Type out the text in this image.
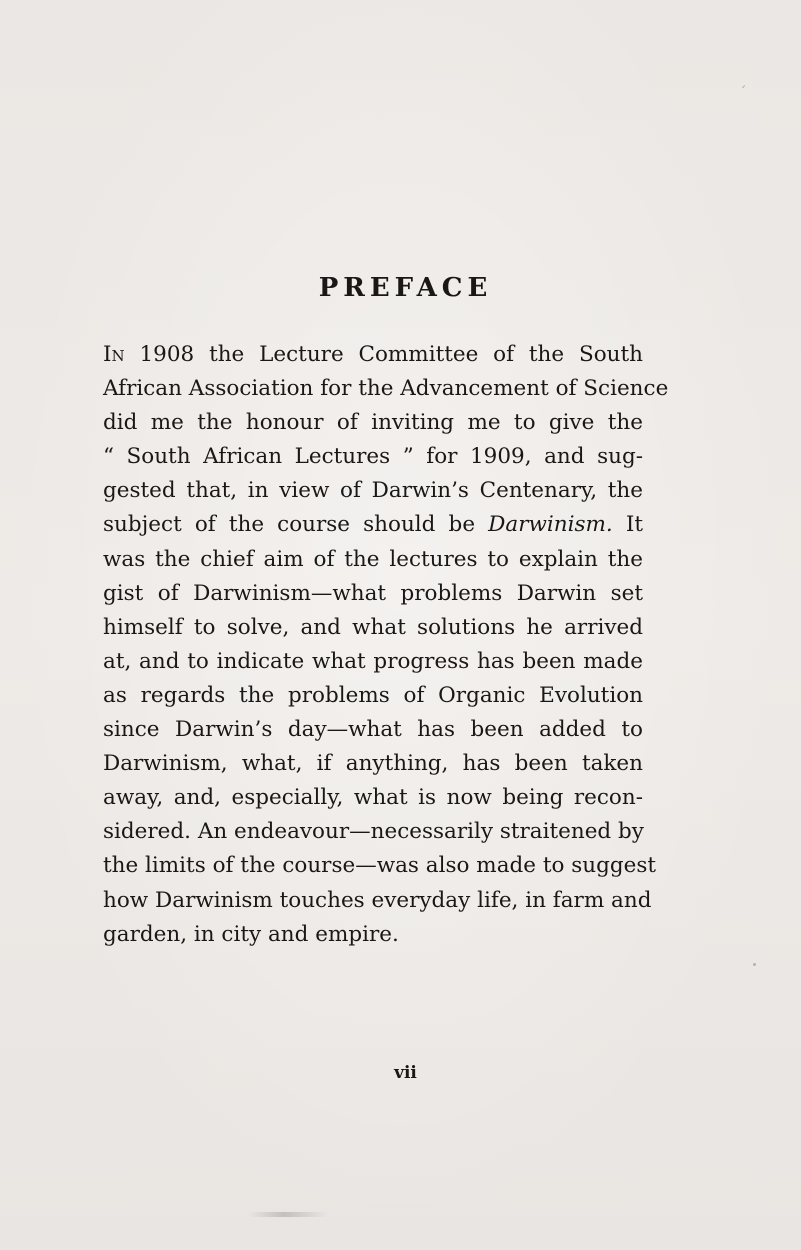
ᐟ
PREFACE
In 1908 the Lecture Committee of the South
African Association for the Advancement of Science
did me the honour of inviting me to give the
“ South African Lectures ” for 1909, and sug-
gested that, in view of Darwin’s Centenary, the
subject of the course should be Darwinism. It
was the chief aim of the lectures to explain the
gist of Darwinism—what problems Darwin set
himself to solve, and what solutions he arrived
at, and to indicate what progress has been made
as regards the problems of Organic Evolution
since Darwin’s day—what has been added to
Darwinism, what, if anything, has been taken
away, and, especially, what is now being recon-
sidered. An endeavour—necessarily straitened by
the limits of the course—was also made to suggest
how Darwinism touches everyday life, in farm and
garden, in city and empire.
vii
